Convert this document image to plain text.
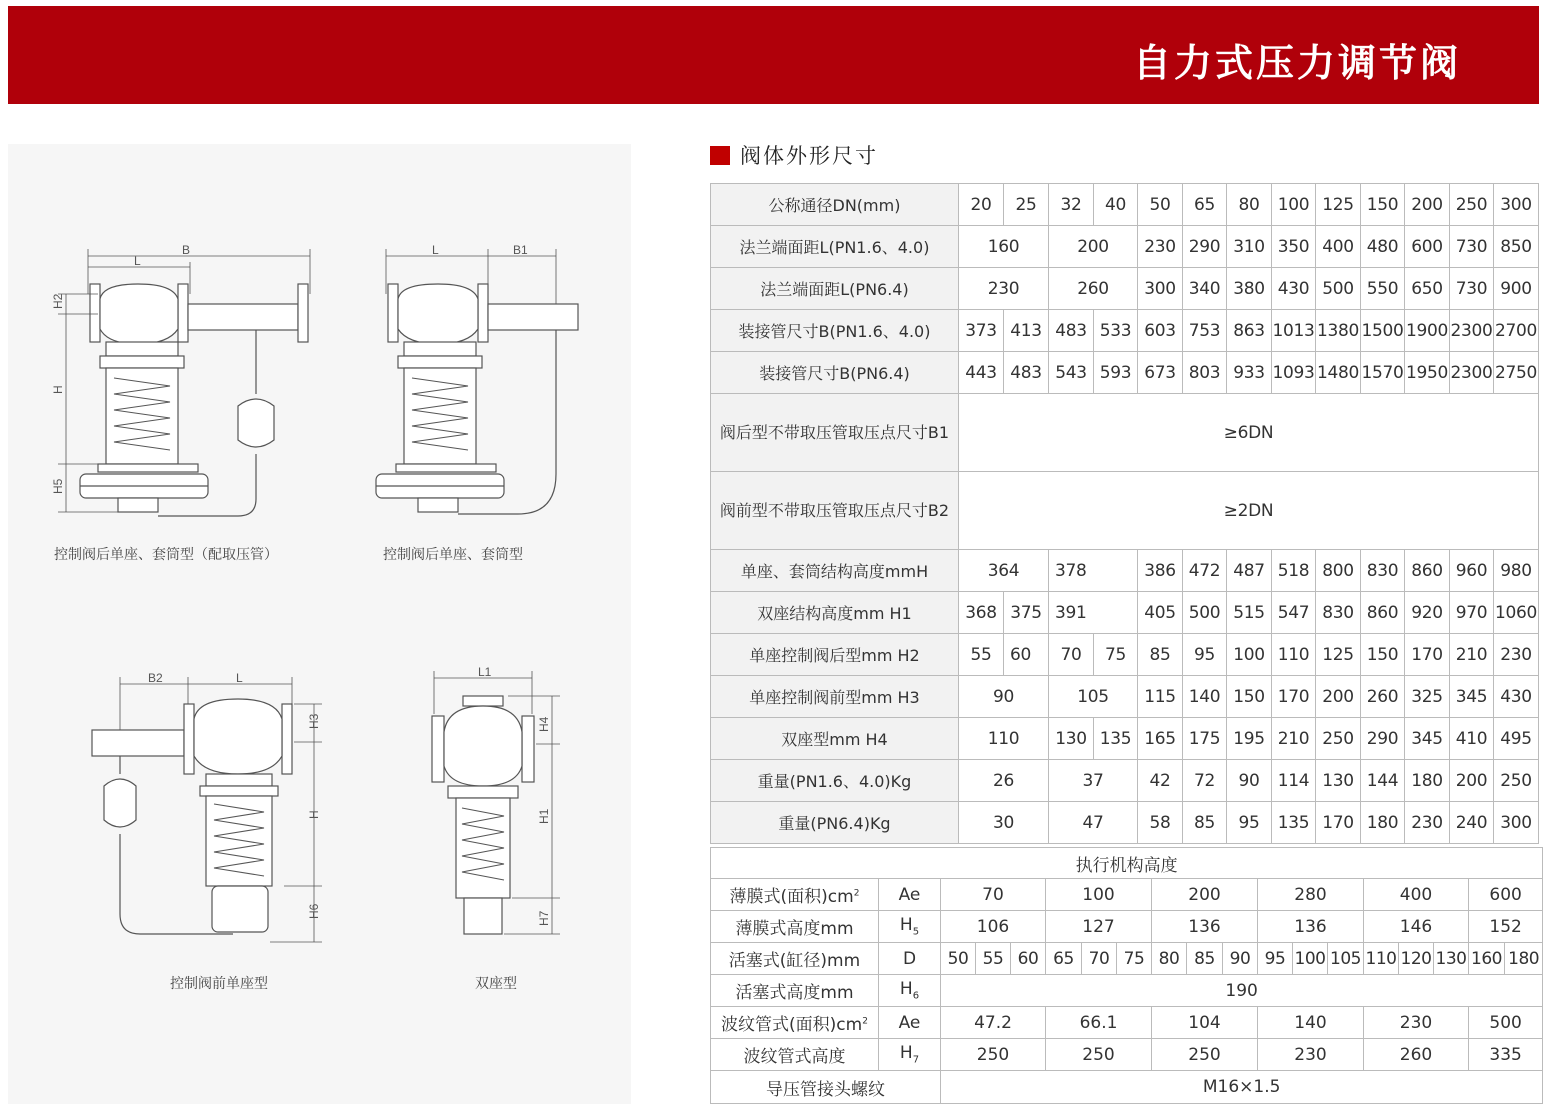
自力式压力调节阀
B
L
H2
H
H5
L	B1
B2	L
H3
H
H6
L1
H4
H1
H7
控制阀后单座、套筒型（配取压管）	控制阀后单座、套筒型
控制阀前单座型	双座型
阀体外形尺寸
公称通径DN(mm)	20	25	32	40	50	65	80	100	125	150	200	250	300
法兰端面距L(PN1.6、4.0)	160		200		230	290	310	350	400	480	600	730	850
法兰端面距L(PN6.4)	230		260		300	340	380	430	500	550	650	730	900
装接管尺寸B(PN1.6、4.0)	373	413	483	533	603	753	863	1013	1380	1500	1900	2300	2700
装接管尺寸B(PN6.4)	443	483	543	593	673	803	933	1093	1480	1570	1950	2300	2750
阀后型不带取压管取压点尺寸B1	≥6DN												
阀前型不带取压管取压点尺寸B2	≥2DN												
单座、套筒结构高度mmH	364		378		386	472	487	518	800	830	860	960	980
双座结构高度mm H1	368	375	391		405	500	515	547	830	860	920	970	1060
单座控制阀后型mm H2	55	60	70	75	85	95	100	110	125	150	170	210	230
单座控制阀前型mm H3	90		105		115	140	150	170	200	260	325	345	430
双座型mm H4	110		130	135	165	175	195	210	250	290	345	410	495
重量(PN1.6、4.0)Kg	26		37		42	72	90	114	130	144	180	200	250
重量(PN6.4)Kg	30		47		58	85	95	135	170	180	230	240	300
执行机构高度																		
薄膜式(面积)$cm^2$	Ae	70			100			200			280			400			600	
薄膜式高度mm	$H_5$	106			127			136			136			146			152	
活塞式(缸径)mm	D	50	55	60	65	70	75	80	85	90	95	100	105	110	120	130	160	180
活塞式高度mm	$H_6$	190																
波纹管式(面积)$cm^2$	Ae	47.2			66.1			104			140			230			500	
波纹管式高度	$H_7$	250			250			250			230			260			335	
导压管接头螺纹		M16×1.5																
